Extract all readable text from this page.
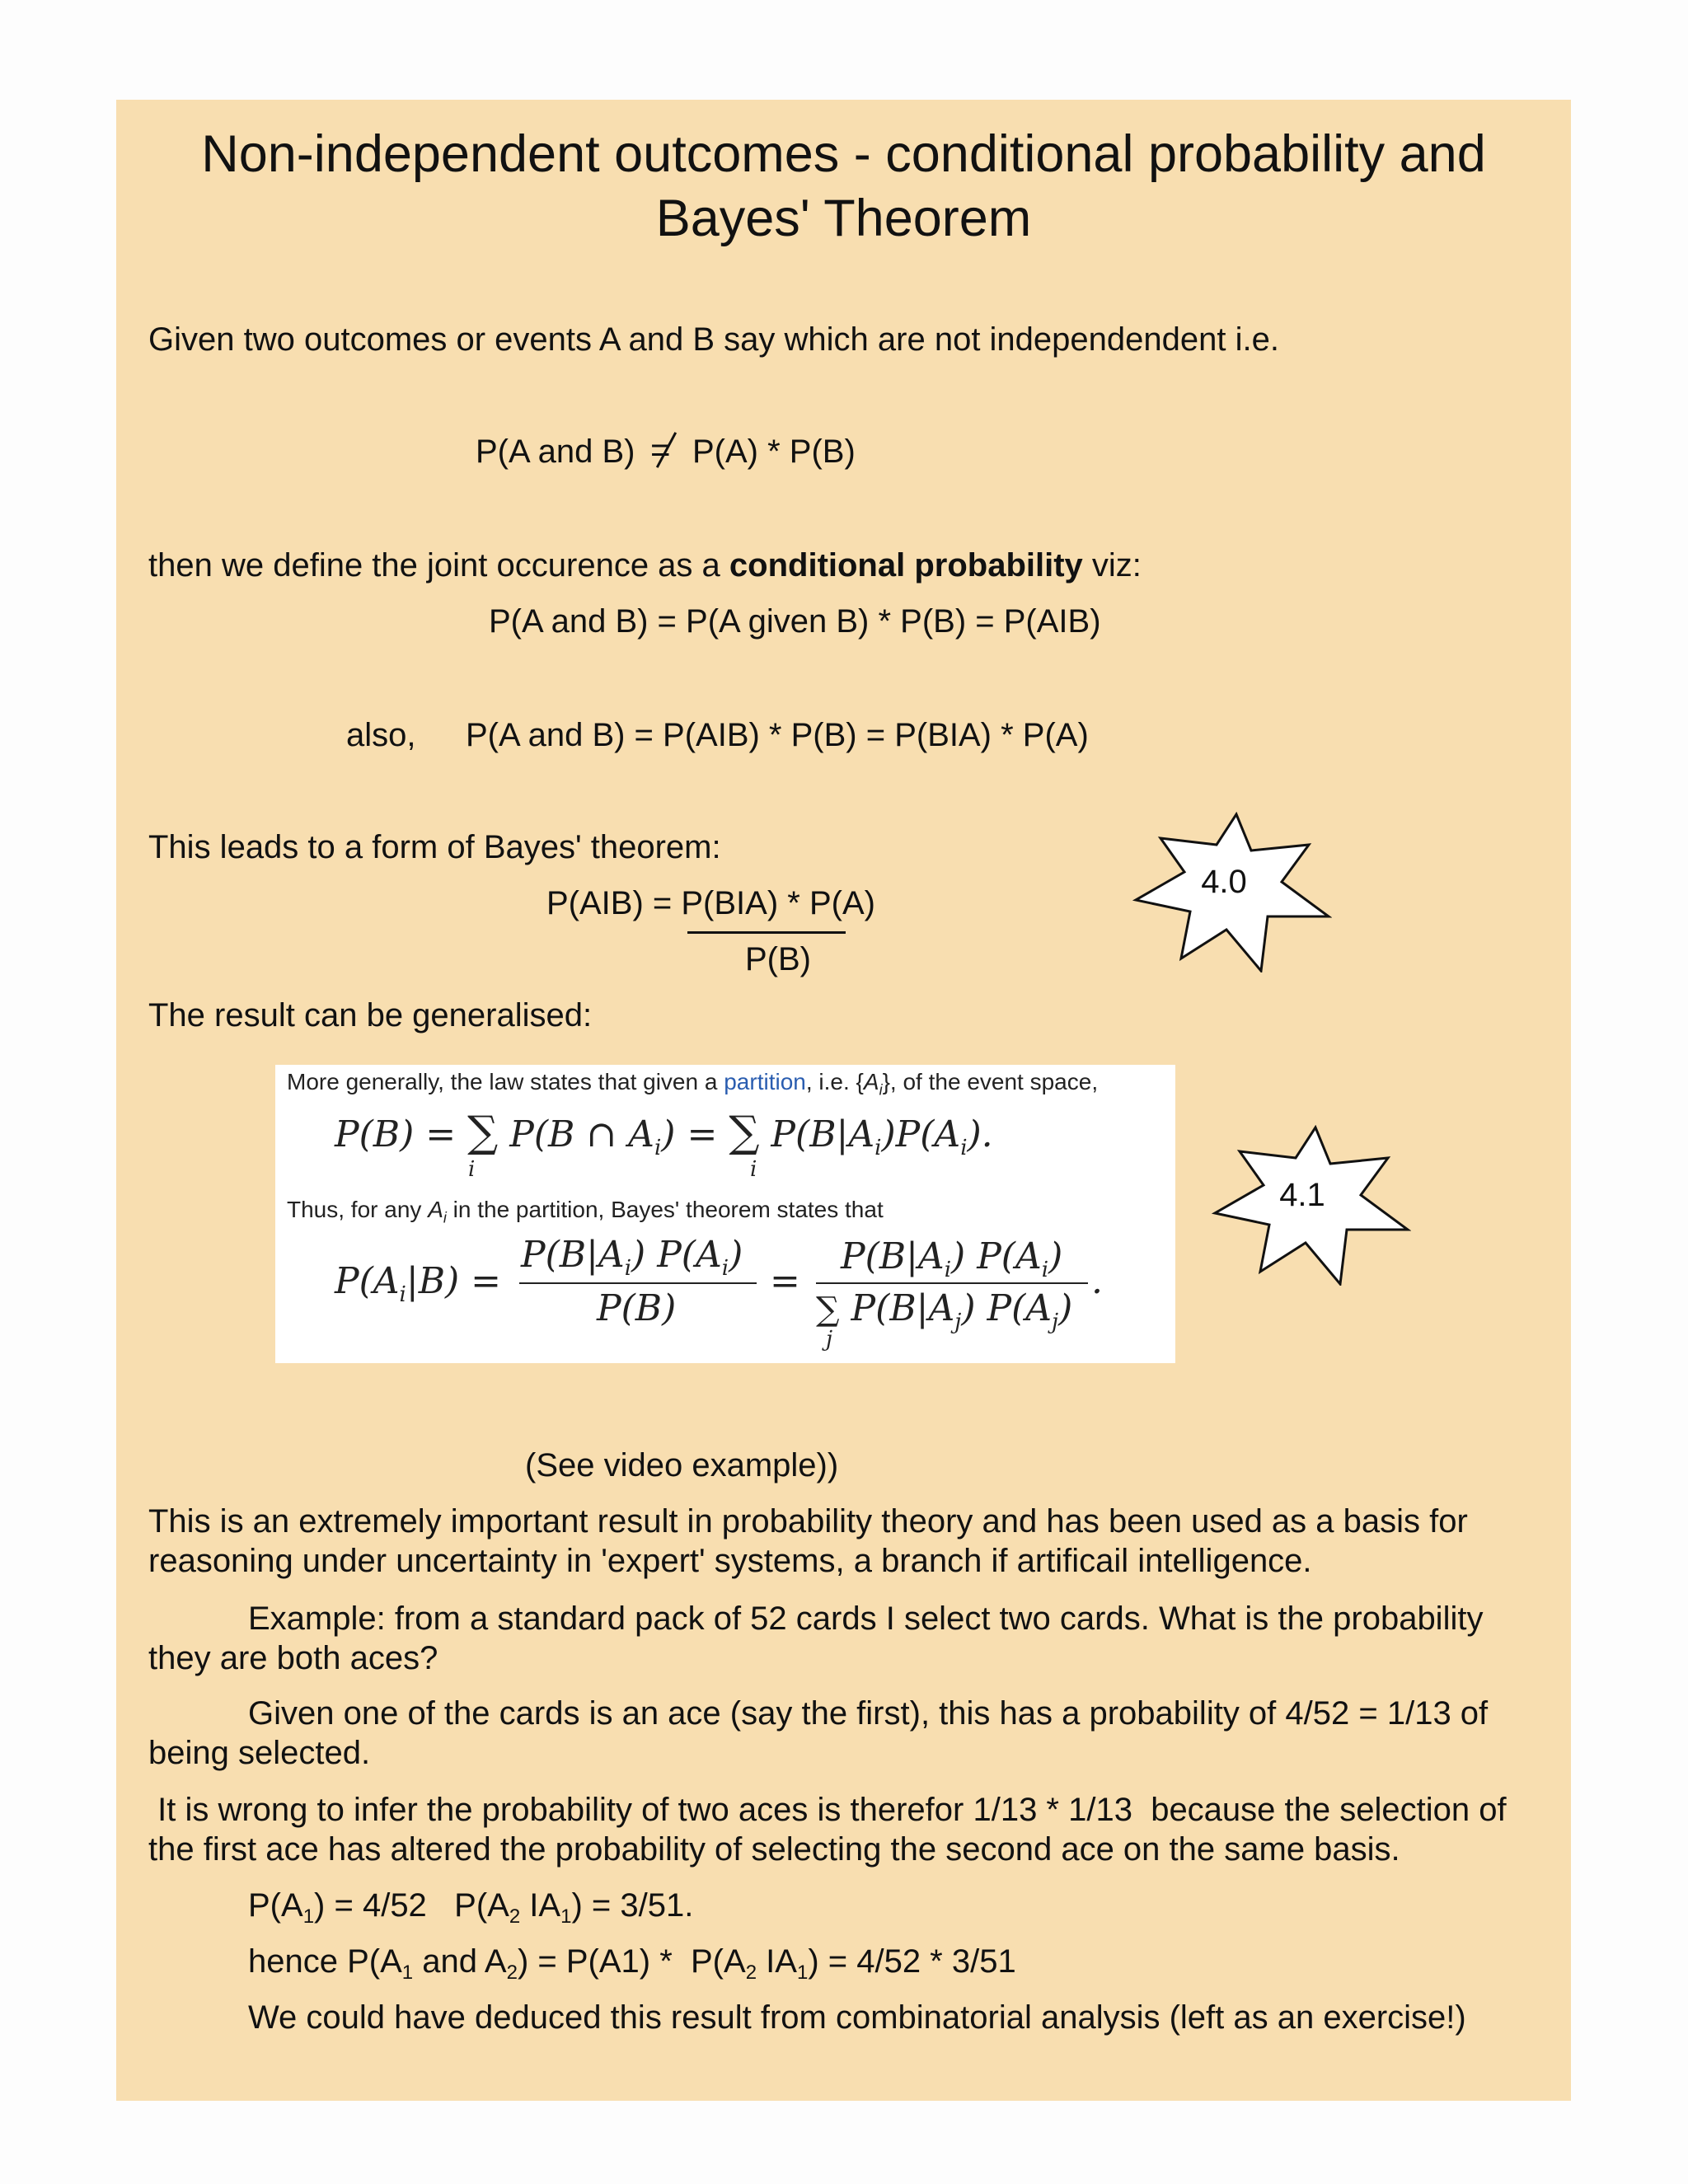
Non-independent outcomes - conditional probability and
Bayes' Theorem
Given two outcomes or events A and B say which are not independendent i.e.
P(A and B) = P(A) * P(B)
then we define the joint occurence as a conditional probability viz:
P(A and B) = P(A given B) * P(B) = P(AIB)
also, P(A and B) = P(AIB) * P(B) = P(BIA) * P(A)
This leads to a form of Bayes' theorem:
P(AIB) = P(BIA) * P(A)
P(B)
The result can be generalised:
4.0
4.1
More generally, the law states that given a partition, i.e. $\{A_i\}$, of the event space,
P(B) = ∑ P(B ∩ $A_i$) = ∑ $P(B|A_i)P(A_i)$.
i	i
Thus, for any $A_i$ in the partition, Bayes' theorem states that
$P(A_i|B)$ =
$P(B|A_i)$ $P(A_i)$
P(B)
=
$P(B|A_i)$ $P(A_i)$
∑ $P(B|A_j)$ $P(A_j)$
.
j
(See video example))
This is an extremely important result in probability theory and has been used as a basis for
reasoning under uncertainty in 'expert' systems, a branch if artificail intelligence.
Example: from a standard pack of 52 cards I select two cards. What is the probability
they are both aces?
Given one of the cards is an ace (say the first), this has a probability of 4/52 = 1/13 of
being selected.
It is wrong to infer the probability of two aces is therefor 1/13 * 1/13  because the selection of
the first ace has altered the probability of selecting the second ace on the same basis.
$P(A_1) = 4/52$   $P(A_2$ $IA_1) = 3/51$.
hence $P(A_1$ and $A_2) = P(A1) * P(A_2$ $IA_1) = 4/52 * 3/51$
We could have deduced this result from combinatorial analysis (left as an exercise!)
